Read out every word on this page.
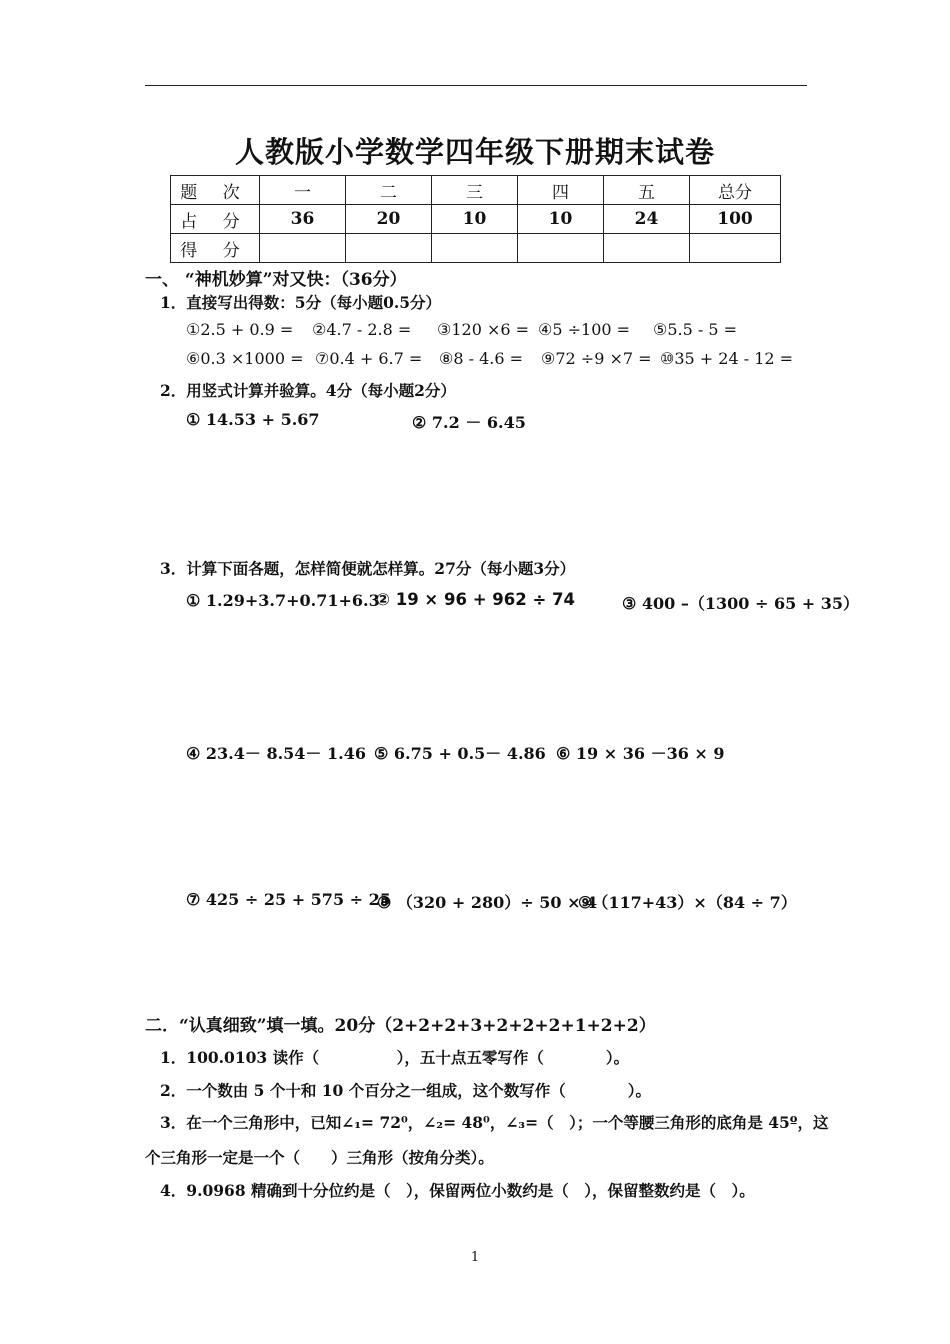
人教版小学数学四年级下册期末试卷
题 次	一	二	三	四	五	总分
占 分	36	20	10	10	24	100
得 分						
一、 “神机妙算”对又快：（36分）
1．直接写出得数：5分（每小题0.5分）
①2.5 + 0.9 = ②4.7 - 2.8 = ③120 ×6 = ④5 ÷100 = ⑤5.5 - 5 =
⑥0.3 ×1000 = ⑦0.4 + 6.7 = ⑧8 - 4.6 = ⑨72 ÷9 ×7 = ⑩35 + 24 - 12 =
2．用竖式计算并验算。4分（每小题2分）
① 14.53 + 5.67	② 7.2 － 6.45
3．计算下面各题，怎样简便就怎样算。27分（每小题3分）
① 1.29+3.7+0.71+6.3
② 19 × 96 + 962 ÷ 74	③ 400 –（1300 ÷ 65 + 35）
④ 23.4－ 8.54－ 1.46 ⑤ 6.75 + 0.5－ 4.86 ⑥ 19 × 36 －36 × 9
⑦ 425 ÷ 25 + 575 ÷ 25
⑧ （320 + 280）÷ 50 × 4
⑨（117+43）×（84 ÷ 7）
二．“认真细致”填一填。20分（2+2+2+3+2+2+2+1+2+2）
1．100.0103 读作（　　　　　），五十点五零写作（　　　　）。
2．一个数由 5 个十和 10 个百分之一组成，这个数写作（　　　　）。
3．在一个三角形中，已知∠₁= 72⁰，∠₂= 48⁰，∠₃=（　）；一个等腰三角形的底角是 45º，这
个三角形一定是一个（　　）三角形（按角分类）。
4．9.0968 精确到十分位约是（　），保留两位小数约是（　），保留整数约是（　）。
1
